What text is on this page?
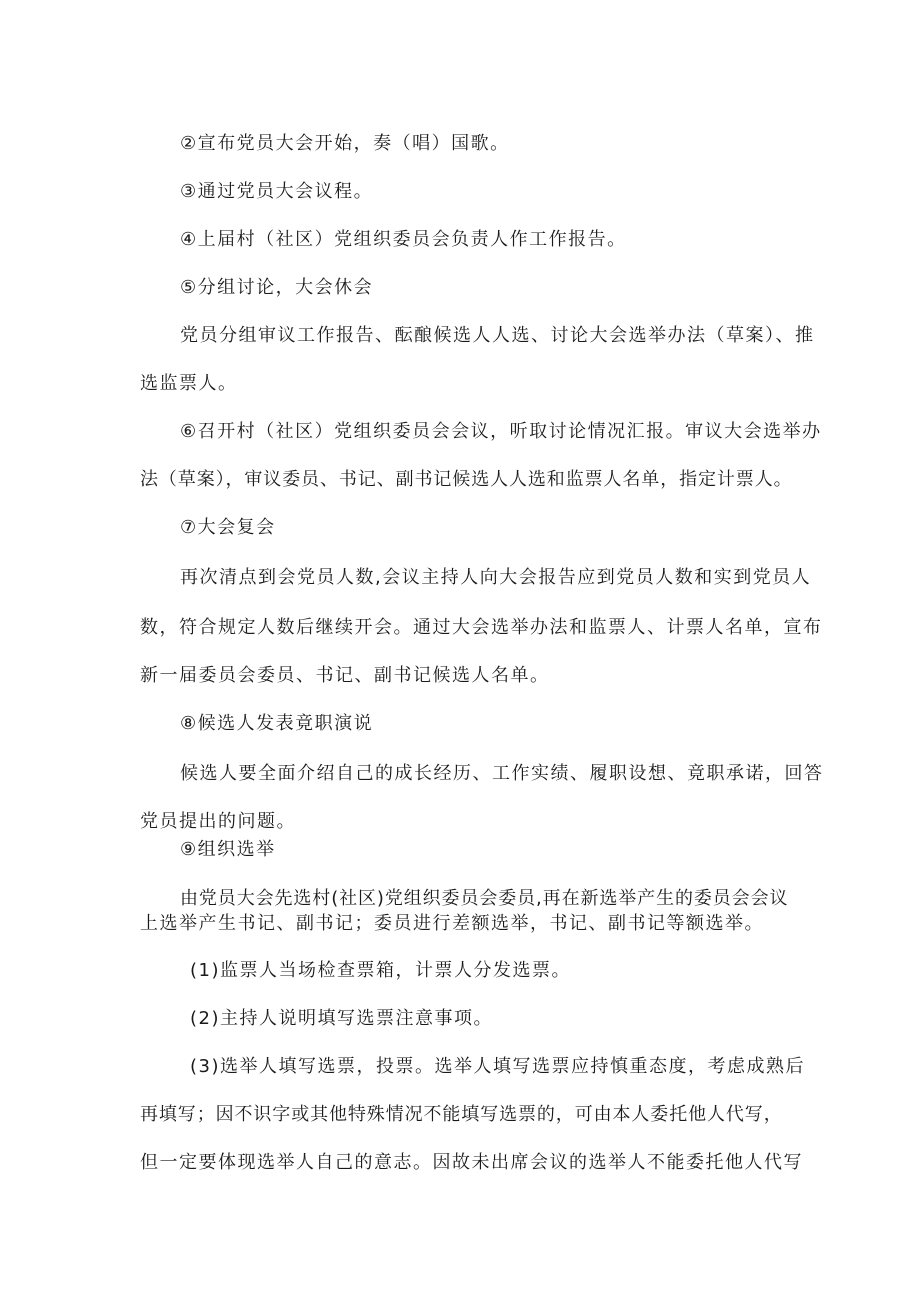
②宣布党员大会开始，奏（唱）国歌。
③通过党员大会议程。
④上届村（社区）党组织委员会负责人作工作报告。
⑤分组讨论，大会休会
党员分组审议工作报告、酝酿候选人人选、讨论大会选举办法（草案）、推
选监票人。
⑥召开村（社区）党组织委员会会议，听取讨论情况汇报。审议大会选举办
法（草案），审议委员、书记、副书记候选人人选和监票人名单，指定计票人。
⑦大会复会
再次清点到会党员人数,会议主持人向大会报告应到党员人数和实到党员人
数，符合规定人数后继续开会。通过大会选举办法和监票人、计票人名单，宣布
新一届委员会委员、书记、副书记候选人名单。
⑧候选人发表竟职演说
候选人要全面介绍自己的成长经历、工作实绩、履职设想、竟职承诺，回答
党员提出的问题。
⑨组织选举
由党员大会先选村(社区)党组织委员会委员,再在新选举产生的委员会会议
上选举产生书记、副书记；委员进行差额选举，书记、副书记等额选举。
(1)监票人当场检查票箱，计票人分发选票。
(2)主持人说明填写选票注意事项。
(3)选举人填写选票，投票。选举人填写选票应持慎重态度，考虑成熟后
再填写；因不识字或其他特殊情况不能填写选票的，可由本人委托他人代写，
但一定要体现选举人自己的意志。因故未出席会议的选举人不能委托他人代写
